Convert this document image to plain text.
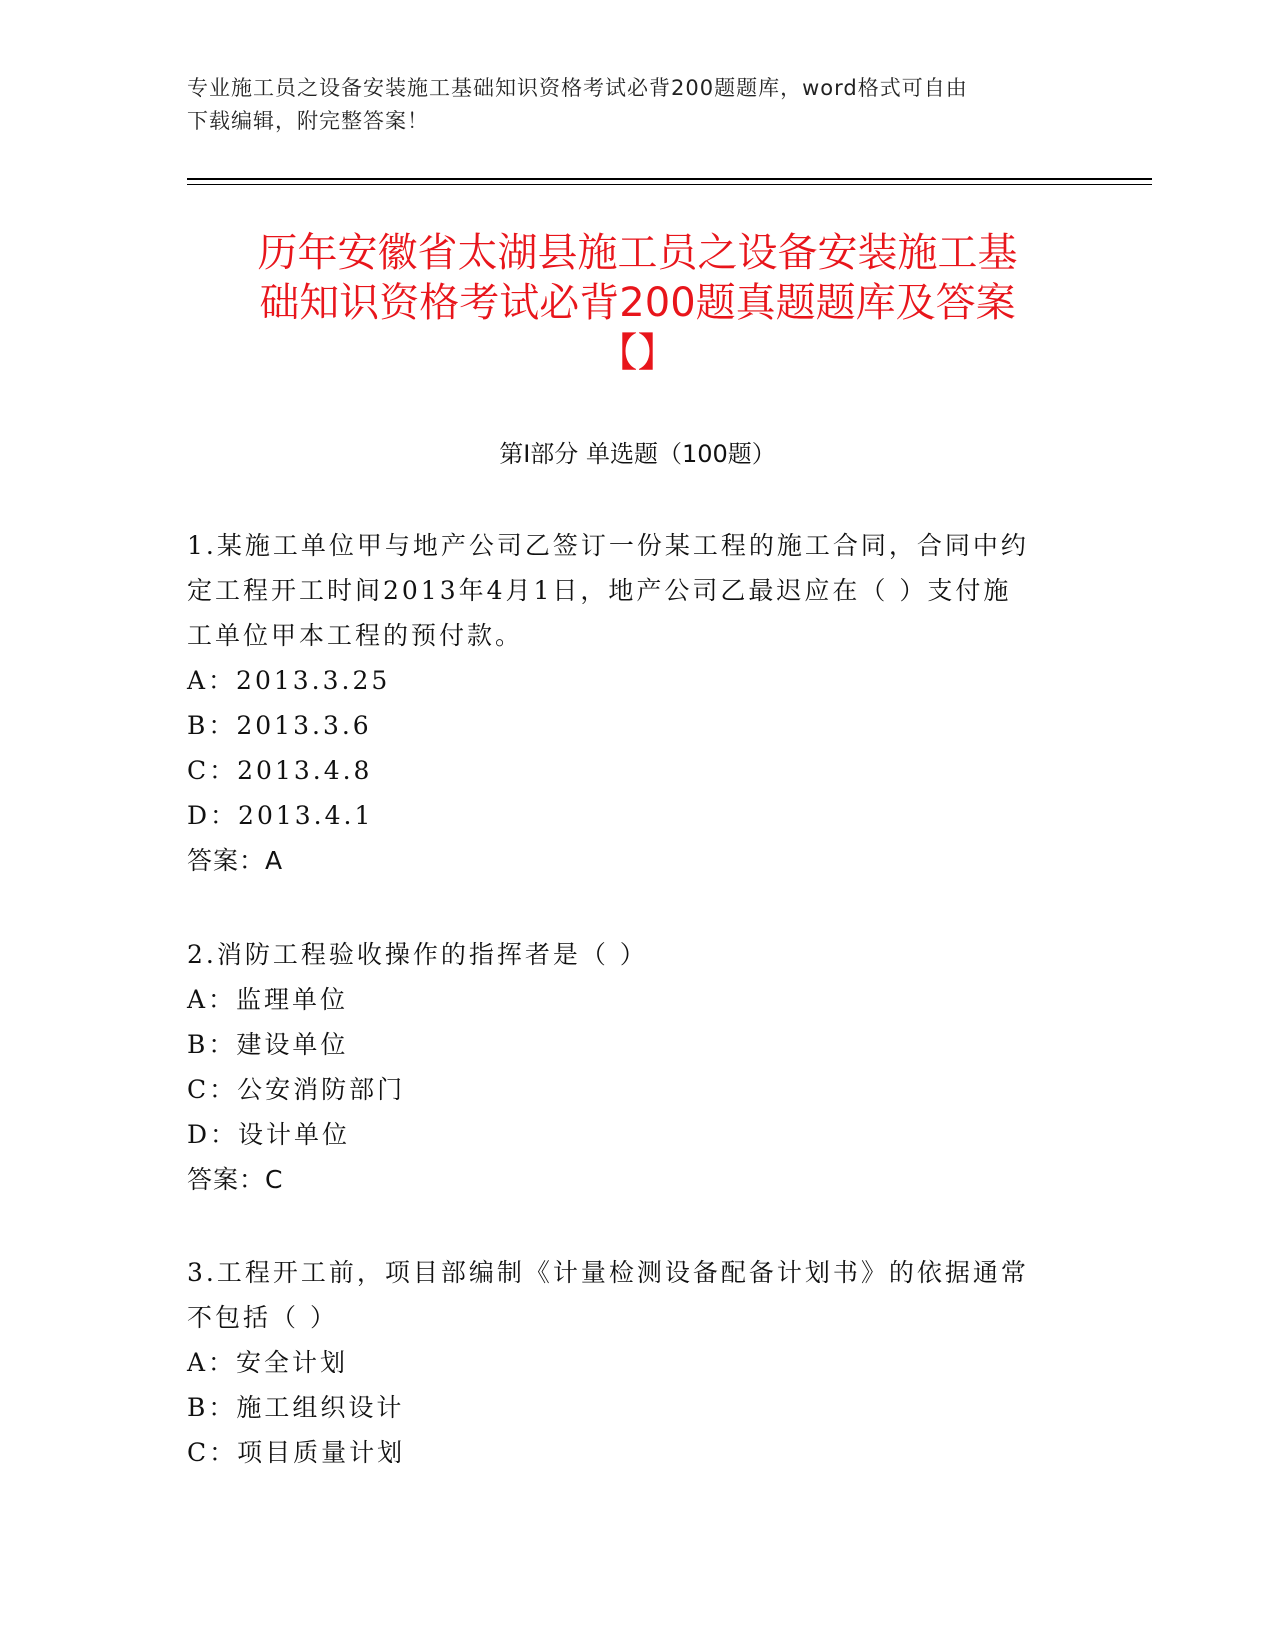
专业施工员之设备安装施工基础知识资格考试必背200题题库，word格式可自由
下载编辑，附完整答案！
历年安徽省太湖县施工员之设备安装施工基
础知识资格考试必背200题真题题库及答案
【】
第Ⅰ部分 单选题（100题）

1.某施工单位甲与地产公司乙签订一份某工程的施工合同，合同中约

定工程开工时间2013年4月1日，地产公司乙最迟应在（ ）支付施

工单位甲本工程的预付款。

A：2013.3.25

B：2013.3.6

C：2013.4.8

D：2013.4.1

答案：A

2.消防工程验收操作的指挥者是（ ）

A：监理单位

B：建设单位

C：公安消防部门

D：设计单位

答案：C

3.工程开工前，项目部编制《计量检测设备配备计划书》的依据通常

不包括（ ）

A：安全计划

B：施工组织设计

C：项目质量计划
